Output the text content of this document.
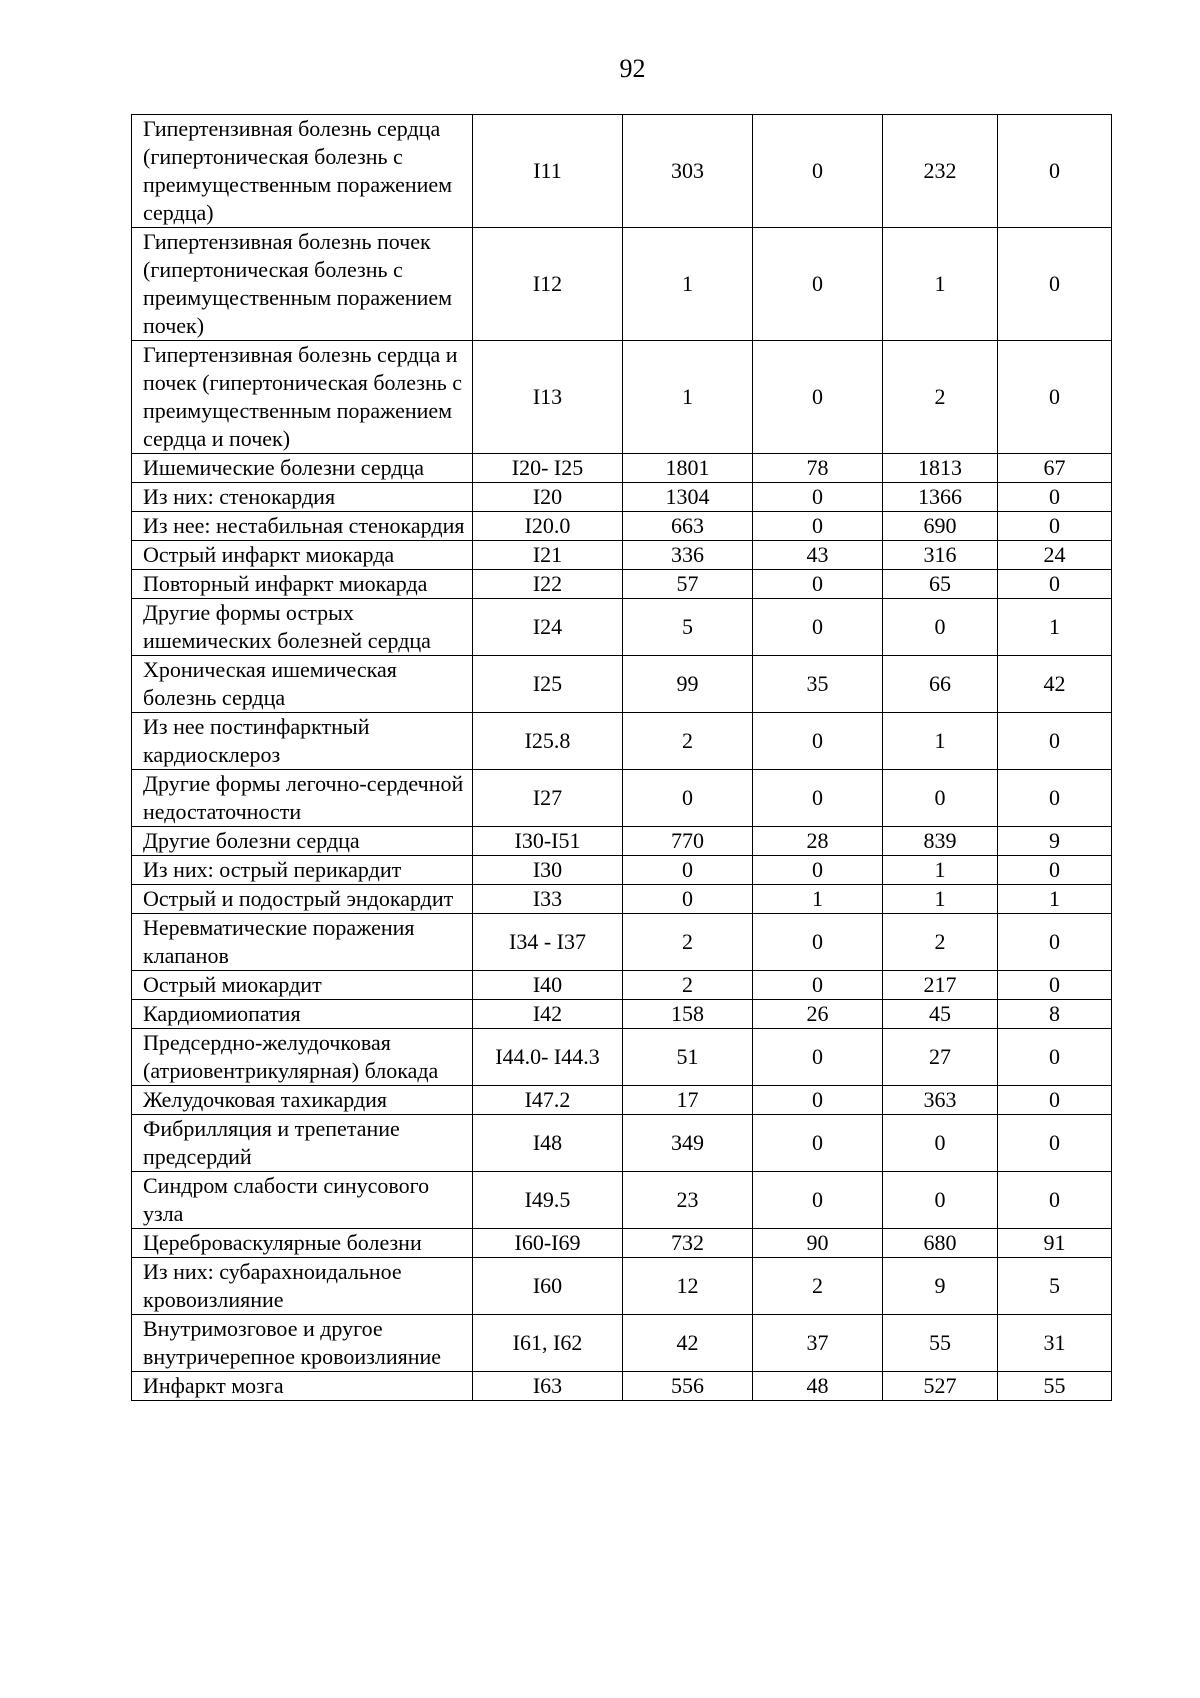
92
Гипертензивная болезнь сердца (гипертоническая болезнь с преимущественным поражением сердца)	I11	303	0	232	0
Гипертензивная болезнь почек (гипертоническая болезнь с преимущественным поражением почек)	I12	1	0	1	0
Гипертензивная болезнь сердца и почек (гипертоническая болезнь с преимущественным поражением сердца и почек)	I13	1	0	2	0
Ишемические болезни сердца	I20- I25	1801	78	1813	67
Из них: стенокардия	I20	1304	0	1366	0
Из нее: нестабильная стенокардия	I20.0	663	0	690	0
Острый инфаркт миокарда	I21	336	43	316	24
Повторный инфаркт миокарда	I22	57	0	65	0
Другие формы острых ишемических болезней сердца	I24	5	0	0	1
Хроническая ишемическая болезнь сердца	I25	99	35	66	42
Из нее постинфарктный кардиосклероз	I25.8	2	0	1	0
Другие формы легочно-сердечной недостаточности	I27	0	0	0	0
Другие болезни сердца	I30-I51	770	28	839	9
Из них: острый перикардит	I30	0	0	1	0
Острый и подострый эндокардит	I33	0	1	1	1
Неревматические поражения клапанов	I34 - I37	2	0	2	0
Острый миокардит	I40	2	0	217	0
Кардиомиопатия	I42	158	26	45	8
Предсердно-желудочковая (атриовентрикулярная) блокада	I44.0- I44.3	51	0	27	0
Желудочковая тахикардия	I47.2	17	0	363	0
Фибрилляция и трепетание предсердий	I48	349	0	0	0
Синдром слабости синусового узла	I49.5	23	0	0	0
Цереброваскулярные болезни	I60-I69	732	90	680	91
Из них: субарахноидальное кровоизлияние	I60	12	2	9	5
Внутримозговое и другое внутричерепное кровоизлияние	I61, I62	42	37	55	31
Инфаркт мозга	I63	556	48	527	55
